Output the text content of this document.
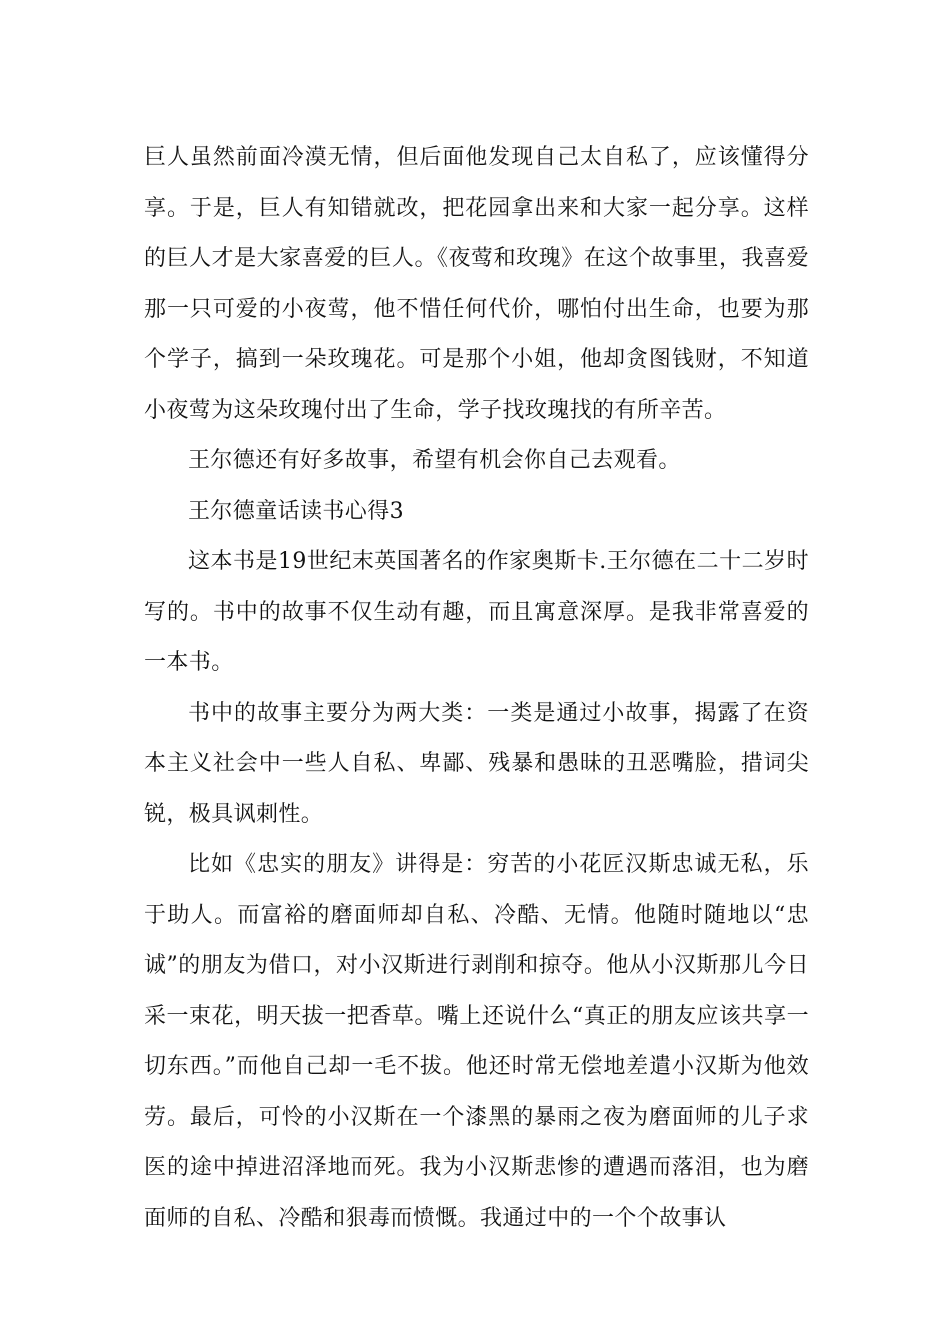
巨人虽然前面冷漠无情，但后面他发现自己太自私了，应该懂得分享。于是，巨人有知错就改，把花园拿出来和大家一起分享。这样的巨人才是大家喜爱的巨人。《夜莺和玫瑰》在这个故事里，我喜爱那一只可爱的小夜莺，他不惜任何代价，哪怕付出生命，也要为那个学子，搞到一朵玫瑰花。可是那个小姐，他却贪图钱财，不知道小夜莺为这朵玫瑰付出了生命，学子找玫瑰找的有所辛苦。

王尔德还有好多故事，希望有机会你自己去观看。

王尔德童话读书心得3

这本书是19世纪末英国著名的作家奥斯卡.王尔德在二十二岁时写的。书中的故事不仅生动有趣，而且寓意深厚。是我非常喜爱的一本书。

书中的故事主要分为两大类：一类是通过小故事，揭露了在资本主义社会中一些人自私、卑鄙、残暴和愚昧的丑恶嘴脸，措词尖锐，极具讽刺性。

比如《忠实的朋友》讲得是：穷苦的小花匠汉斯忠诚无私，乐于助人。而富裕的磨面师却自私、冷酷、无情。他随时随地以“忠诚”的朋友为借口，对小汉斯进行剥削和掠夺。他从小汉斯那儿今日采一束花，明天拔一把香草。嘴上还说什么“真正的朋友应该共享一切东西。”而他自己却一毛不拔。他还时常无偿地差遣小汉斯为他效劳。最后，可怜的小汉斯在一个漆黑的暴雨之夜为磨面师的儿子求医的途中掉进沼泽地而死。我为小汉斯悲惨的遭遇而落泪，也为磨面师的自私、冷酷和狠毒而愤慨。我通过中的一个个故事认
